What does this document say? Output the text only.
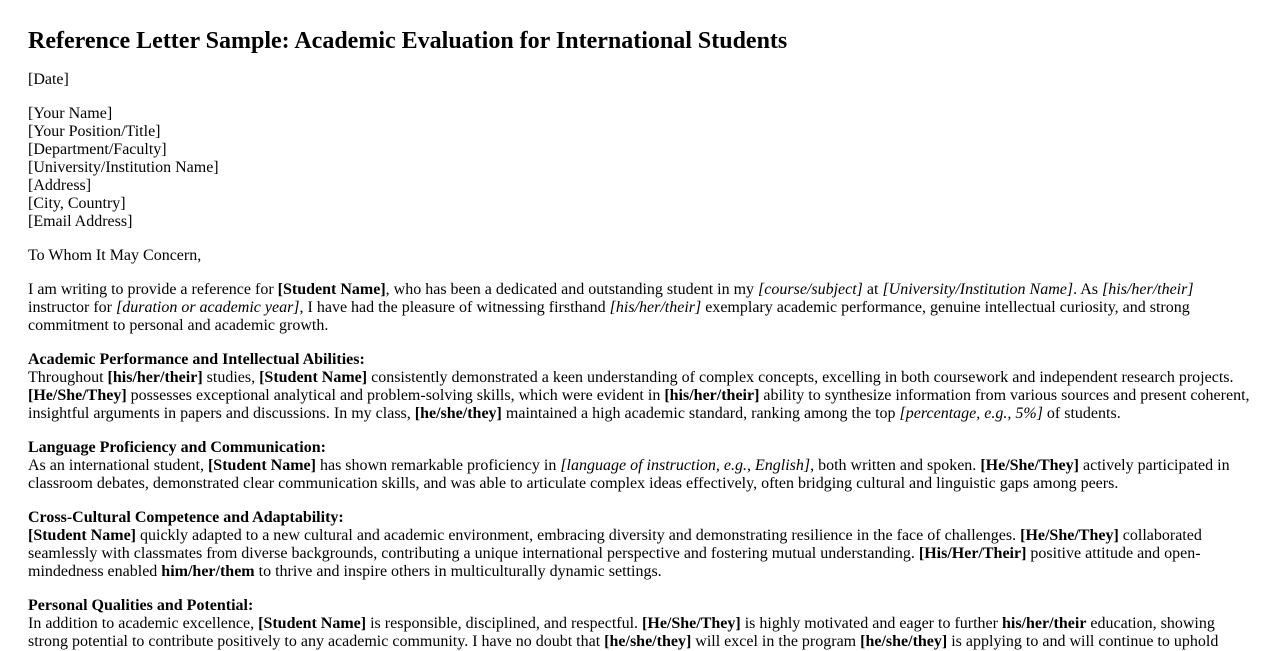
Reference Letter Sample: Academic Evaluation for International Students

[Date]

[Your Name]
[Your Position/Title]
[Department/Faculty]
[University/Institution Name]
[Address]
[City, Country]
[Email Address]

To Whom It May Concern,

I am writing to provide a reference for [Student Name], who has been a dedicated and outstanding student in my [course/subject] at [University/Institution Name]. As [his/her/their] instructor for [duration or academic year], I have had the pleasure of witnessing firsthand [his/her/their] exemplary academic performance, genuine intellectual curiosity, and strong commitment to personal and academic growth.

Academic Performance and Intellectual Abilities:
Throughout [his/her/their] studies, [Student Name] consistently demonstrated a keen understanding of complex concepts, excelling in both coursework and independent research projects. [He/She/They] possesses exceptional analytical and problem-solving skills, which were evident in [his/her/their] ability to synthesize information from various sources and present coherent, insightful arguments in papers and discussions. In my class, [he/she/they] maintained a high academic standard, ranking among the top [percentage, e.g., 5%] of students.

Language Proficiency and Communication:
As an international student, [Student Name] has shown remarkable proficiency in [language of instruction, e.g., English], both written and spoken. [He/She/They] actively participated in classroom debates, demonstrated clear communication skills, and was able to articulate complex ideas effectively, often bridging cultural and linguistic gaps among peers.

Cross-Cultural Competence and Adaptability:
[Student Name] quickly adapted to a new cultural and academic environment, embracing diversity and demonstrating resilience in the face of challenges. [He/She/They] collaborated seamlessly with classmates from diverse backgrounds, contributing a unique international perspective and fostering mutual understanding. [His/Her/Their] positive attitude and open-mindedness enabled him/her/them to thrive and inspire others in multiculturally dynamic settings.

Personal Qualities and Potential:
In addition to academic excellence, [Student Name] is responsible, disciplined, and respectful. [He/She/They] is highly motivated and eager to further his/her/their education, showing strong potential to contribute positively to any academic community. I have no doubt that [he/she/they] will excel in the program [he/she/they] is applying to and will continue to uphold
